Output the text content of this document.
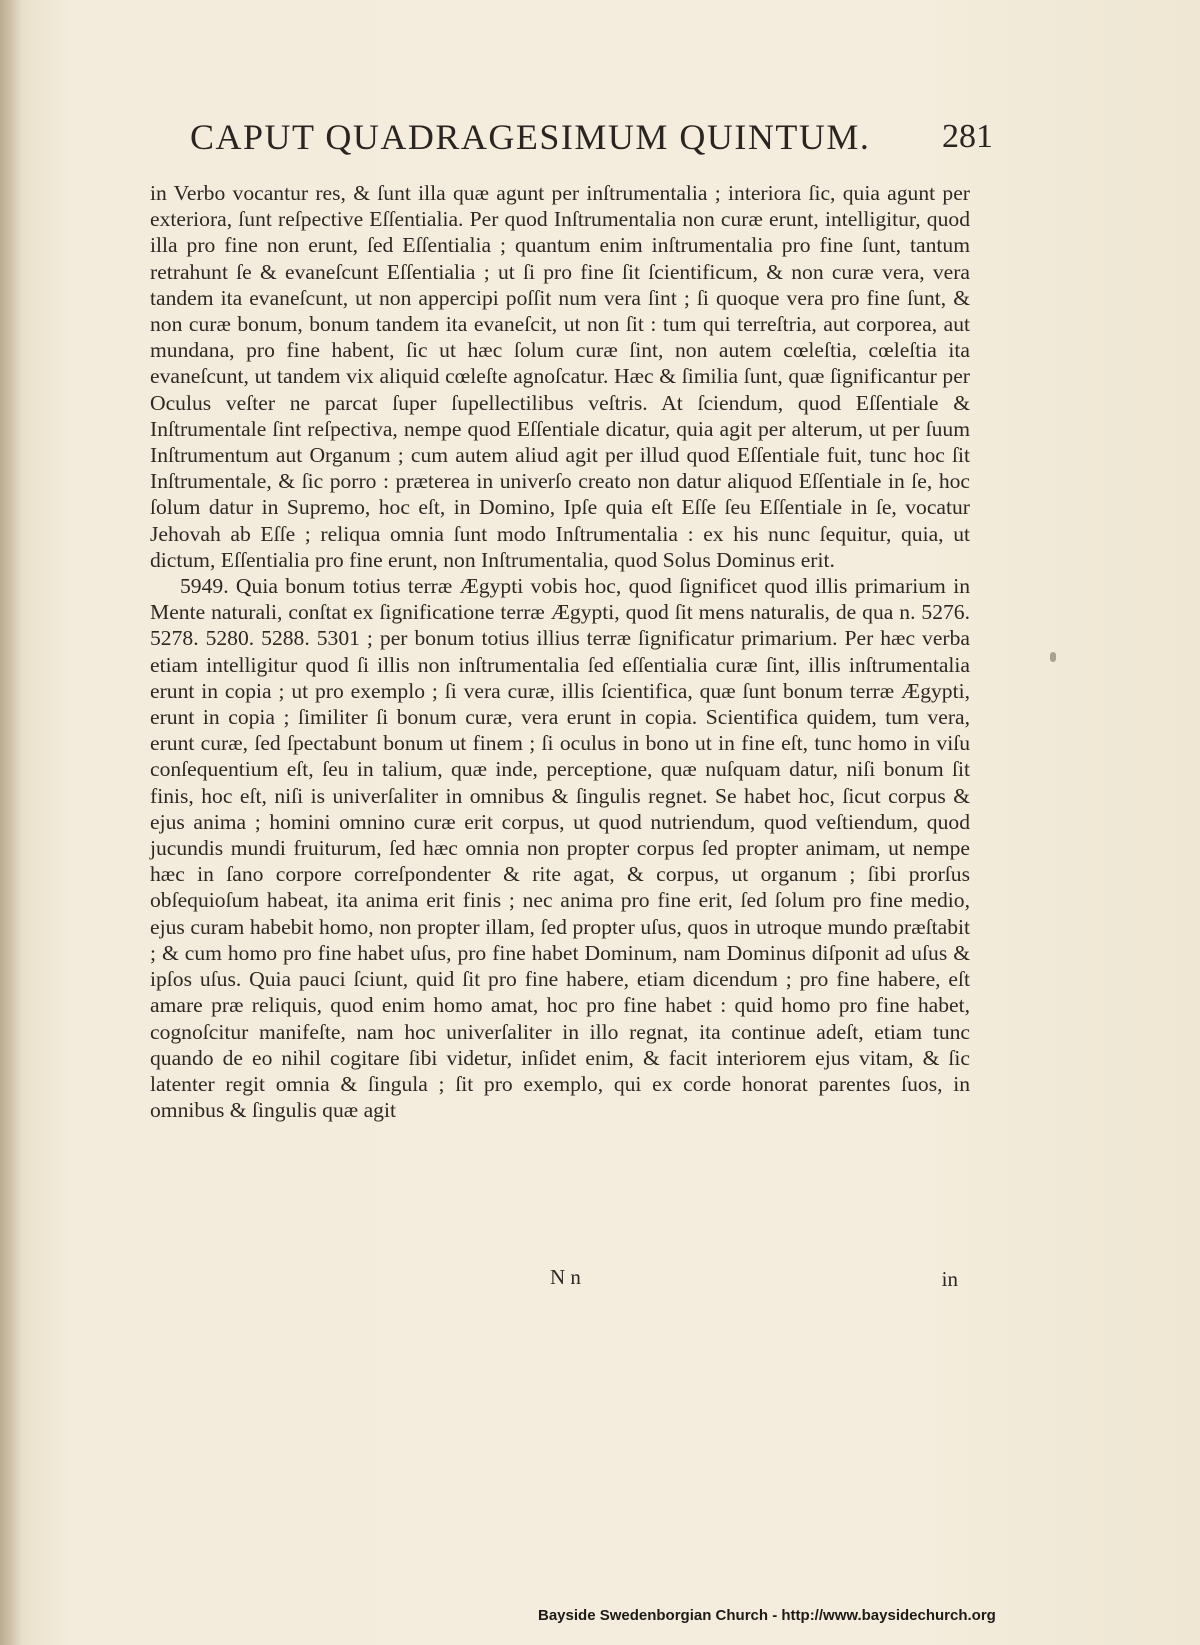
CAPUT QUADRAGESIMUM QUINTUM. 281

in Verbo vocantur res, & ſunt illa quæ agunt per inſtrumentalia ; interiora ſic, quia agunt per exteriora, ſunt reſpective Eſſentialia. Per quod Inſtrumentalia non curæ erunt, intelligitur, quod illa pro fine non erunt, ſed Eſſentialia ; quantum enim inſtrumentalia pro fine ſunt, tantum retrahunt ſe & evaneſcunt Eſſentialia ; ut ſi pro fine ſit ſcientificum, & non curæ vera, vera tandem ita evaneſcunt, ut non appercipi poſſit num vera ſint ; ſi quoque vera pro fine ſunt, & non curæ bonum, bonum tandem ita evaneſcit, ut non ſit : tum qui terreſtria, aut corporea, aut mundana, pro fine habent, ſic ut hæc ſolum curæ ſint, non autem cœleſtia, cœleſtia ita evaneſcunt, ut tandem vix aliquid cœleſte agnoſcatur. Hæc & ſimilia ſunt, quæ ſignificantur per Oculus veſter ne parcat ſuper ſupellectilibus veſtris. At ſciendum, quod Eſſentiale & Inſtrumentale ſint reſpectiva, nempe quod Eſſentiale dicatur, quia agit per alterum, ut per ſuum Inſtrumentum aut Organum ; cum autem aliud agit per illud quod Eſſentiale fuit, tunc hoc ſit Inſtrumentale, & ſic porro : præterea in univerſo creato non datur aliquod Eſſentiale in ſe, hoc ſolum datur in Supremo, hoc eſt, in Domino, Ipſe quia eſt Eſſe ſeu Eſſentiale in ſe, vocatur Jehovah ab Eſſe ; reliqua omnia ſunt modo Inſtrumentalia : ex his nunc ſequitur, quia, ut dictum, Eſſentialia pro fine erunt, non Inſtrumentalia, quod Solus Dominus erit.

5949. Quia bonum totius terræ Ægypti vobis hoc, quod ſignificet quod illis primarium in Mente naturali, conſtat ex ſignificatione terræ Ægypti, quod ſit mens naturalis, de qua n. 5276. 5278. 5280. 5288. 5301 ; per bonum totius illius terræ ſignificatur primarium. Per hæc verba etiam intelligitur quod ſi illis non inſtrumentalia ſed eſſentialia curæ ſint, illis inſtrumentalia erunt in copia ; ut pro exemplo ; ſi vera curæ, illis ſcientifica, quæ ſunt bonum terræ Ægypti, erunt in copia ; ſimiliter ſi bonum curæ, vera erunt in copia. Scientifica quidem, tum vera, erunt curæ, ſed ſpectabunt bonum ut finem ; ſi oculus in bono ut in fine eſt, tunc homo in viſu conſequentium eſt, ſeu in talium, quæ inde, perceptione, quæ nuſquam datur, niſi bonum ſit finis, hoc eſt, niſi is univerſaliter in omnibus & ſingulis regnet. Se habet hoc, ſicut corpus & ejus anima ; homini omnino curæ erit corpus, ut quod nutriendum, quod veſtiendum, quod jucundis mundi fruiturum, ſed hæc omnia non propter corpus ſed propter animam, ut nempe hæc in ſano corpore correſpondenter & rite agat, & corpus, ut organum ; ſibi prorſus obſequioſum habeat, ita anima erit finis ; nec anima pro fine erit, ſed ſolum pro fine medio, ejus curam habebit homo, non propter illam, ſed propter uſus, quos in utroque mundo præſtabit ; & cum homo pro fine habet uſus, pro fine habet Dominum, nam Dominus diſponit ad uſus & ipſos uſus. Quia pauci ſciunt, quid ſit pro fine habere, etiam dicendum ; pro fine habere, eſt amare præ reliquis, quod enim homo amat, hoc pro fine habet : quid homo pro fine habet, cognoſcitur manifeſte, nam hoc univerſaliter in illo regnat, ita continue adeſt, etiam tunc quando de eo nihil cogitare ſibi videtur, inſidet enim, & facit interiorem ejus vitam, & ſic latenter regit omnia & ſingula ; ſit pro exemplo, qui ex corde honorat parentes ſuos, in omnibus & ſingulis quæ agit

N n	in
Bayside Swedenborgian Church - http://www.baysidechurch.org
